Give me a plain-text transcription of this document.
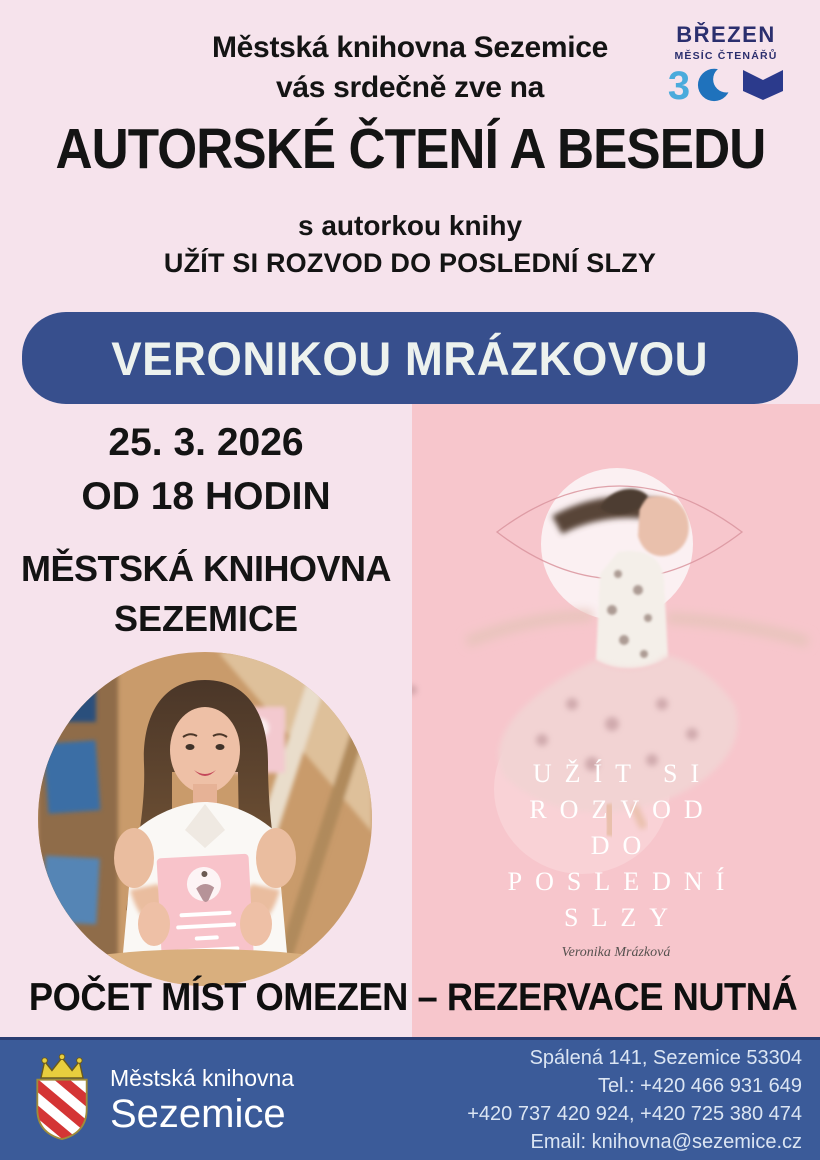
BŘEZEN
MĚSÍC ČTENÁŘŮ
3
Městská knihovna Sezemice
vás srdečně zve na
AUTORSKÉ ČTENÍ A BESEDU
s autorkou knihy
UŽÍT SI ROZVOD DO POSLEDNÍ SLZY
VERONIKOU MRÁZKOVOU
25. 3. 2026
OD 18 HODIN
MĚSTSKÁ KNIHOVNA
SEZEMICE
UŽÍT SI
ROZVOD
DO
POSLEDNÍ
SLZY
Veronika Mrázková
POČET MÍST OMEZEN – REZERVACE NUTNÁ
Městská knihovna
Sezemice
Spálená 141, Sezemice 53304
Tel.: +420 466 931 649
+420 737 420 924, +420 725 380 474
Email: knihovna@sezemice.cz
